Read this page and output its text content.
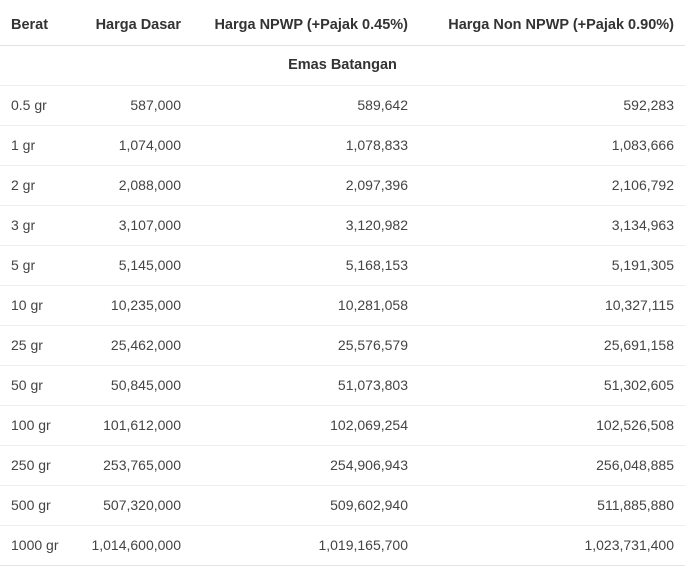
Berat	Harga Dasar	Harga NPWP (+Pajak 0.45%)	Harga Non NPWP (+Pajak 0.90%)
Emas Batangan			
0.5 gr	587,000	589,642	592,283
1 gr	1,074,000	1,078,833	1,083,666
2 gr	2,088,000	2,097,396	2,106,792
3 gr	3,107,000	3,120,982	3,134,963
5 gr	5,145,000	5,168,153	5,191,305
10 gr	10,235,000	10,281,058	10,327,115
25 gr	25,462,000	25,576,579	25,691,158
50 gr	50,845,000	51,073,803	51,302,605
100 gr	101,612,000	102,069,254	102,526,508
250 gr	253,765,000	254,906,943	256,048,885
500 gr	507,320,000	509,602,940	511,885,880
1000 gr	1,014,600,000	1,019,165,700	1,023,731,400
